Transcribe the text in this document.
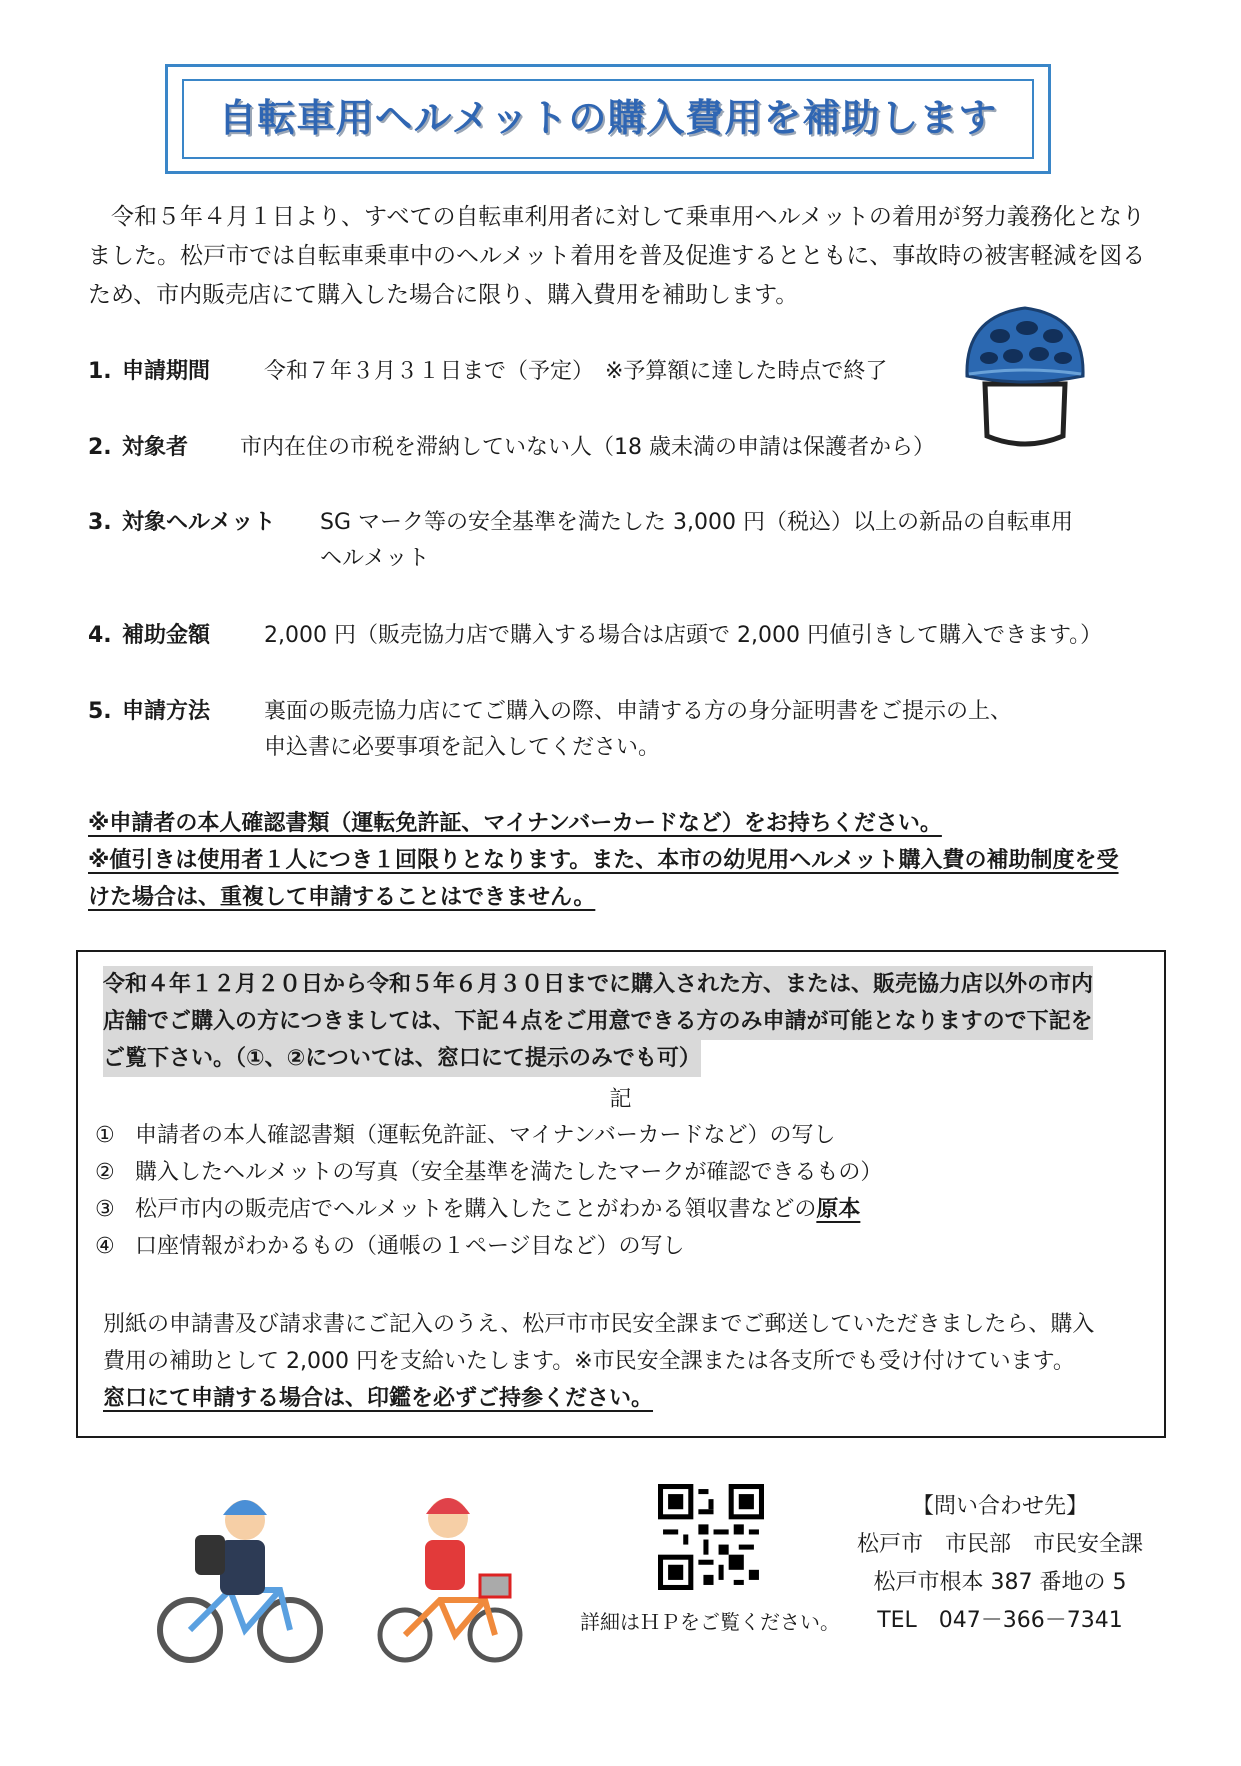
自転車用ヘルメットの購入費用を補助します

　令和５年４月１日より、すべての自転車利用者に対して乗車用ヘルメットの着用が努力義務化となり

ました。松戸市では自転車乗車中のヘルメット着用を普及促進するとともに、事故時の被害軽減を図る

ため、市内販売店にて購入した場合に限り、購入費用を補助します。

1. 申請期間 令和７年３月３１日まで（予定）　※予算額に達した時点で終了
2. 対象者 市内在住の市税を滞納していない人（18 歳未満の申請は保護者から）
3. 対象ヘルメット SG マーク等の安全基準を満たした 3,000 円（税込）以上の新品の自転車用
ヘルメット
4. 補助金額 2,000 円（販売協力店で購入する場合は店頭で 2,000 円値引きして購入できます。）
5. 申請方法 裏面の販売協力店にてご購入の際、申請する方の身分証明書をご提示の上、
申込書に必要事項を記入してください。

※申請者の本人確認書類（運転免許証、マイナンバーカードなど）をお持ちください。

※値引きは使用者１人につき１回限りとなります。また、本市の幼児用ヘルメット購入費の補助制度を受

けた場合は、重複して申請することはできません。

令和４年１２月２０日から令和５年６月３０日までに購入された方、または、販売協力店以外の市内
店舗でご購入の方につきましては、下記４点をご用意できる方のみ申請が可能となりますので下記を
ご覧下さい。（①、②については、窓口にて提示のみでも可）
記
① 申請者の本人確認書類（運転免許証、マイナンバーカードなど）の写し
② 購入したヘルメットの写真（安全基準を満たしたマークが確認できるもの）
③ 松戸市内の販売店でヘルメットを購入したことがわかる領収書などの原本
④ 口座情報がわかるもの（通帳の１ページ目など）の写し
別紙の申請書及び請求書にご記入のうえ、松戸市市民安全課までご郵送していただきましたら、購入
費用の補助として 2,000 円を支給いたします。※市民安全課または各支所でも受け付けています。
窓口にて申請する場合は、印鑑を必ずご持参ください。
詳細はＨＰをご覧ください。
【問い合わせ先】
松戸市　市民部　市民安全課
松戸市根本 387 番地の 5
TEL　047－366－7341
